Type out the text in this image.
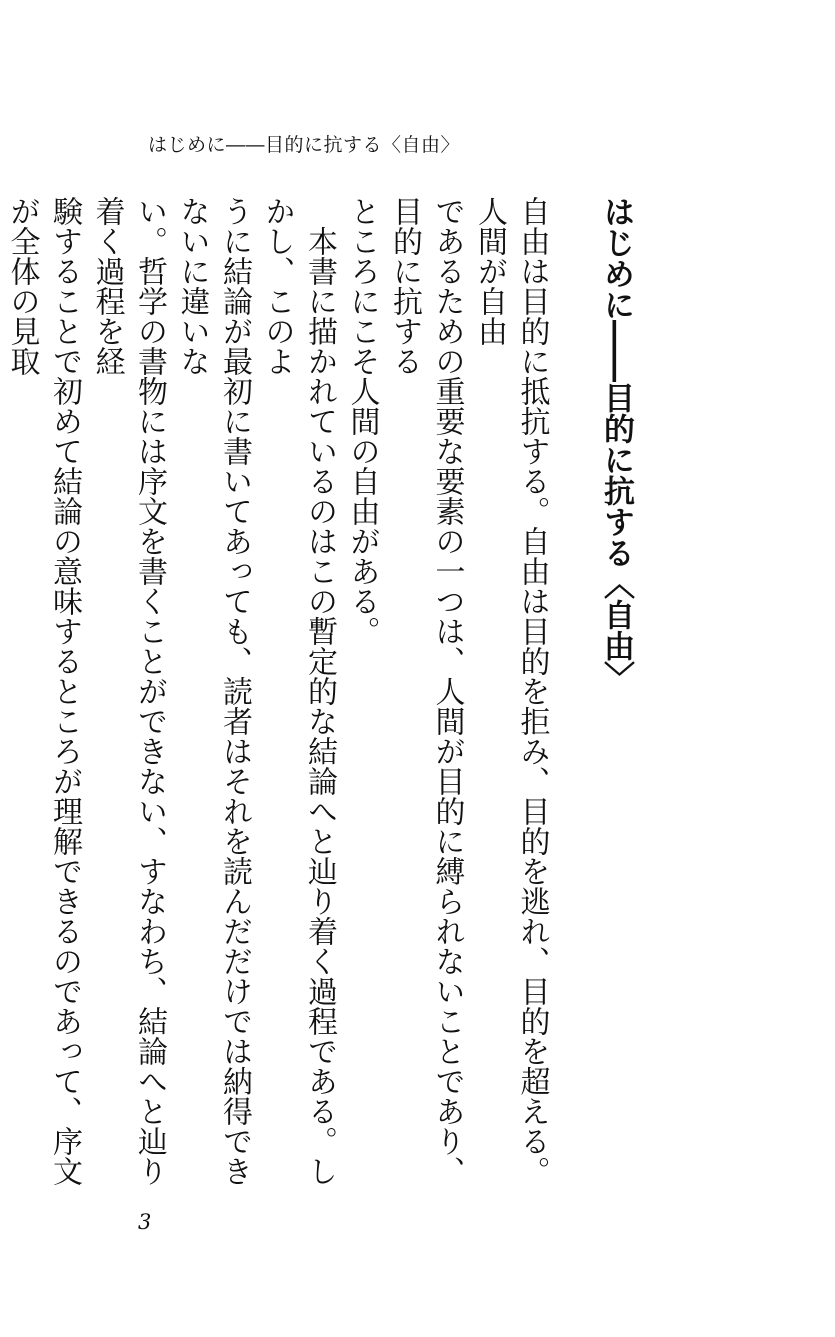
はじめに――目的に抗する〈自由〉
はじめに――目的に抗する〈自由〉
自由は目的に抵抗する。自由は目的を拒み、目的を逃れ、目的を超える。人間が自由
であるための重要な要素の一つは、人間が目的に縛られないことであり、目的に抗する
ところにこそ人間の自由がある。
　本書に描かれているのはこの暫定的な結論へと辿り着く過程である。しかし、このよ
うに結論が最初に書いてあっても、読者はそれを読んだだけでは納得できないに違いな
い。哲学の書物には序文を書くことができない、すなわち、結論へと辿り着く過程を経
験することで初めて結論の意味するところが理解できるのであって、序文が全体の見取

3
